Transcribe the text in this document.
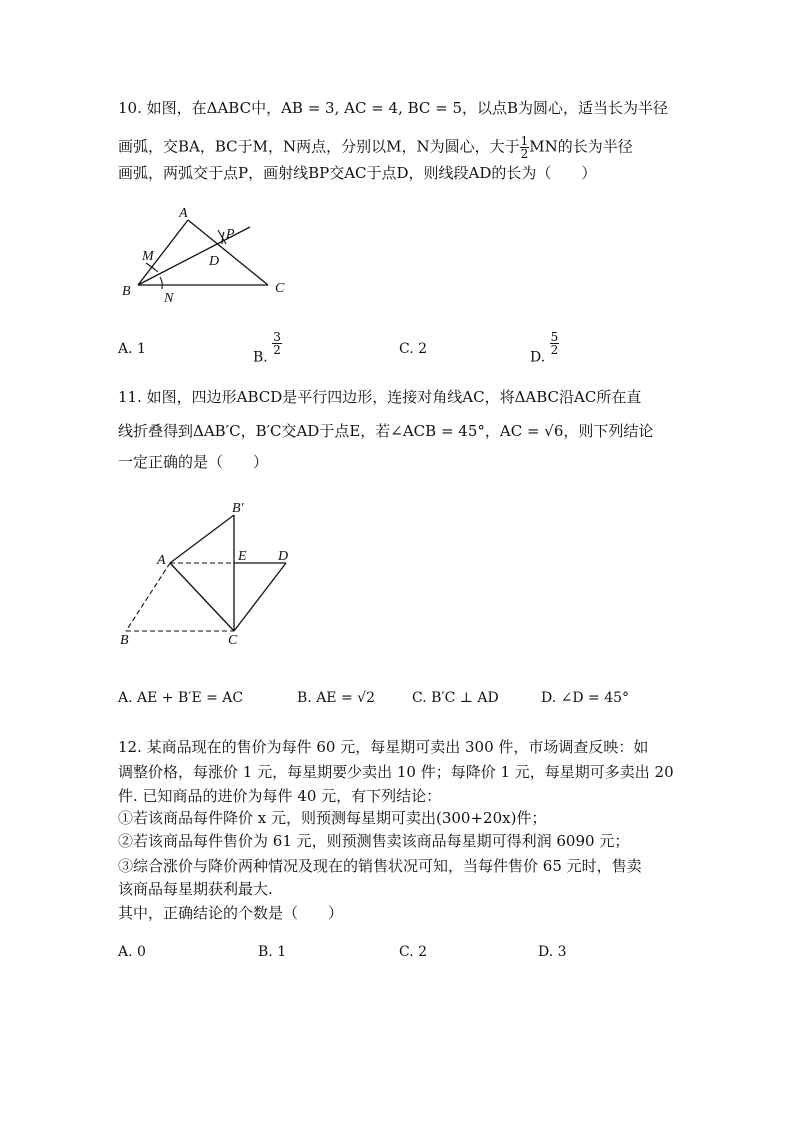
10. 如图，在ΔABC中，AB = 3, AC = 4, BC = 5，以点B为圆心，适当长为半径
画弧，交BA，BC于M，N两点，分别以M，N为圆心，大于 $\frac{1}{2}$ MN的长为半径
画弧，两弧交于点P，画射线BP交AC于点D，则线段AD的长为（　　）
A
B	C
D
M
N
P
A. 1
B.
$\frac{3}{2}$	C. 2
D.
$\frac{5}{2}$
11. 如图，四边形ABCD是平行四边形，连接对角线AC，将ΔABC沿AC所在直
线折叠得到ΔAB′C，B′C交AD于点E，若∠ACB = 45°，AC = √6，则下列结论
一定正确的是（　　）
B′
A	E D
B	C
A. AE + B′E = AC	B. AE = √2	C. B′C ⊥ AD	D. ∠D = 45°
12. 某商品现在的售价为每件 60 元，每星期可卖出 300 件，市场调查反映：如
调整价格，每涨价 1 元，每星期要少卖出 10 件；每降价 1 元，每星期可多卖出 20
件. 已知商品的进价为每件 40 元，有下列结论：
①若该商品每件降价 x 元，则预测每星期可卖出(300+20x)件；
②若该商品每件售价为 61 元，则预测售卖该商品每星期可得利润 6090 元；
③综合涨价与降价两种情况及现在的销售状况可知，当每件售价 65 元时，售卖
该商品每星期获利最大.
其中，正确结论的个数是（　　）
A. 0	B. 1	C. 2	D. 3
